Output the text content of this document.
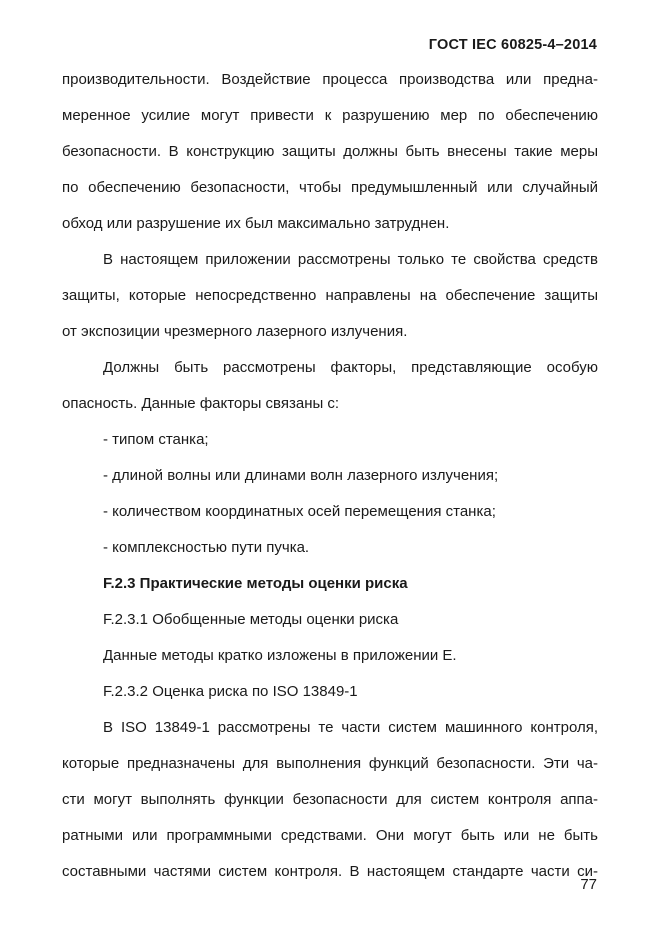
ГОСТ IEC 60825-4–2014

производительности. Воздействие процесса производства или предна-
меренное усилие могут привести к разрушению мер по обеспечению
безопасности. В конструкцию защиты должны быть внесены такие меры
по обеспечению безопасности, чтобы предумышленный или случайный
обход или разрушение их был максимально затруднен.

В настоящем приложении рассмотрены только те свойства средств
защиты, которые непосредственно направлены на обеспечение защиты
от экспозиции чрезмерного лазерного излучения.

Должны быть рассмотрены факторы, представляющие особую
опасность. Данные факторы связаны с:

- типом станка;

- длиной волны или длинами волн лазерного излучения;

- количеством координатных осей перемещения станка;

- комплексностью пути пучка.

F.2.3 Практические методы оценки риска

F.2.3.1 Обобщенные методы оценки риска

Данные методы кратко изложены в приложении Е.

F.2.3.2 Оценка риска по ISO 13849-1

В ISO 13849-1 рассмотрены те части систем машинного контроля,
которые предназначены для выполнения функций безопасности. Эти ча-
сти могут выполнять функции безопасности для систем контроля аппа-
ратными или программными средствами. Они могут быть или не быть
составными частями систем контроля. В настоящем стандарте части си-

77
